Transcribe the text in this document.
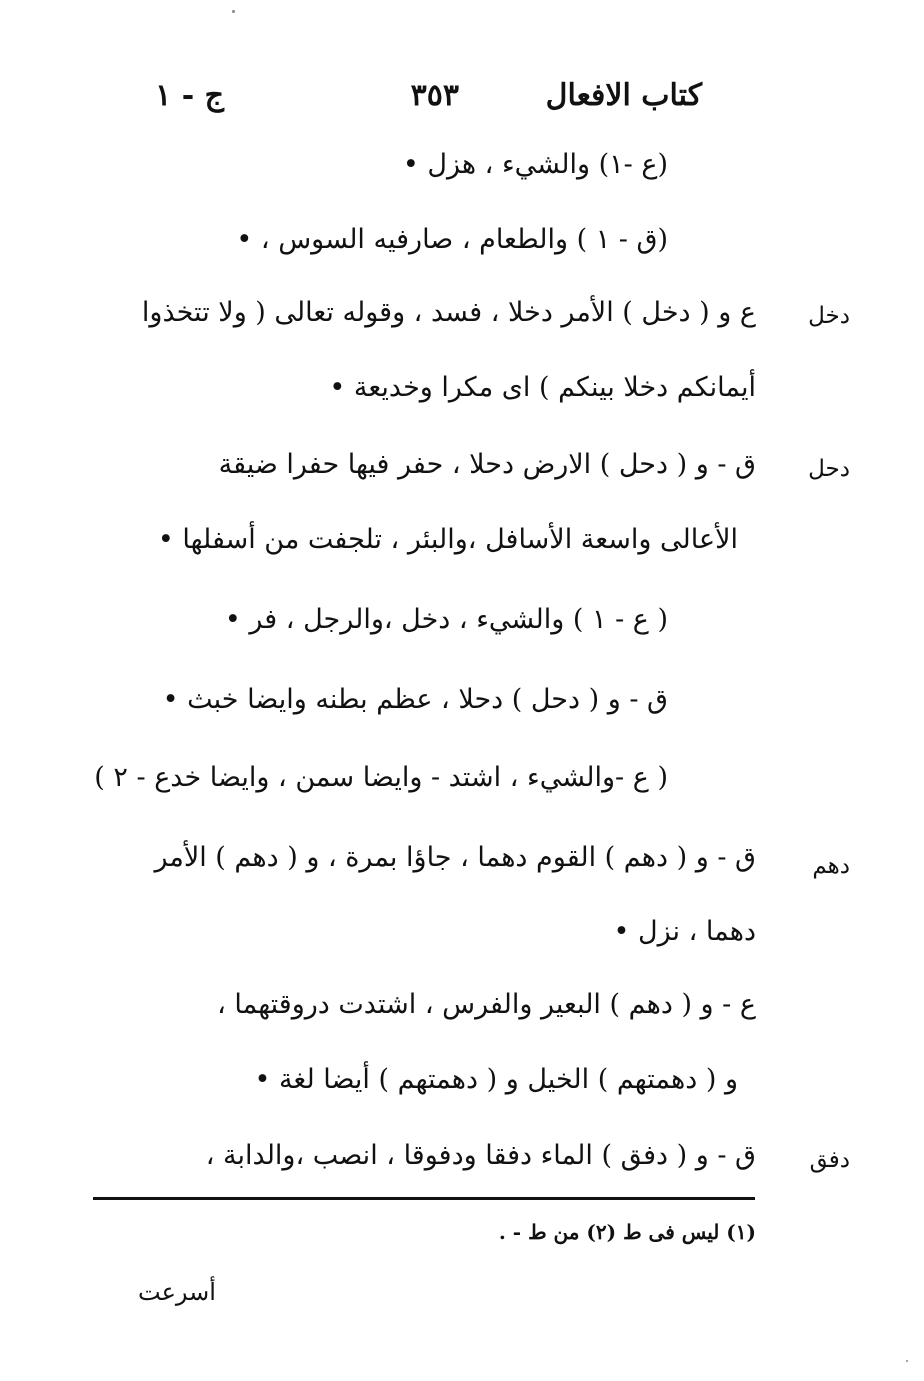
كتاب الافعال
٣٥٣
ج - ١
(ع -١) والشيء ، هزل •
(ق - ١ ) والطعام ، صارفيه السوس ، •
دخل
ع و ( دخل ) الأمر دخلا ، فسد ، وقوله تعالى ( ولا تتخذوا
أيمانكم دخلا بينكم ) اى مكرا وخديعة •
دحل
ق - و ( دحل ) الارض دحلا ، حفر فيها حفرا ضيقة
الأعالى واسعة الأسافل ،والبئر ، تلجفت من أسفلها •
( ع - ١ ) والشيء ، دخل ،والرجل ، فر •
ق - و ( دحل ) دحلا ، عظم بطنه وايضا خبث •
( ع -والشيء ، اشتد - وايضا سمن ، وايضا خدع - ٢ )
دهم
ق - و ( دهم ) القوم دهما ، جاؤا بمرة ، و ( دهم ) الأمر
دهما ، نزل •
ع - و ( دهم ) البعير والفرس ، اشتدت دروقتهما ،
و ( دهمتهم ) الخيل و ( دهمتهم ) أيضا لغة •
دفق
ق - و ( دفق ) الماء دفقا ودفوقا ، انصب ،والدابة ،
(١) ليس فى ط (٢) من ط - .
أسرعت
